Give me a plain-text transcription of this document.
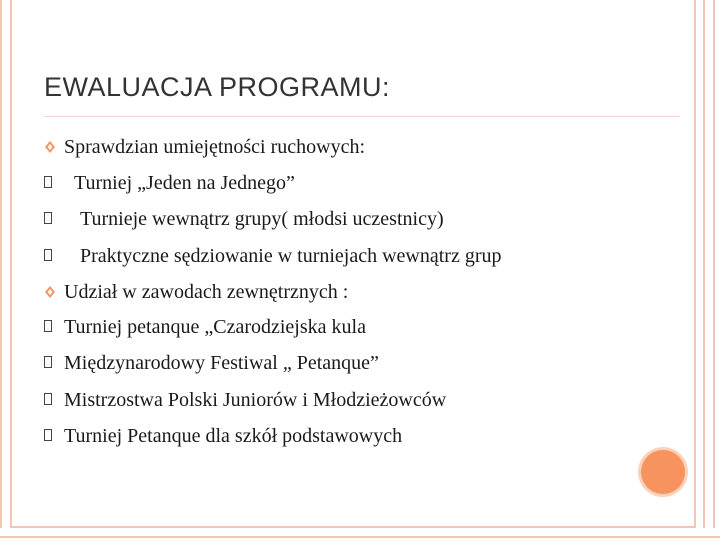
EWALUACJA PROGRAMU:
Sprawdzian umiejętności ruchowych:
Turniej „Jeden na Jednego”
Turnieje wewnątrz grupy( młodsi uczestnicy)
Praktyczne sędziowanie w turniejach wewnątrz grup
Udział w zawodach zewnętrznych :
Turniej petanque „Czarodziejska kula
Międzynarodowy Festiwal „ Petanque”
Mistrzostwa Polski Juniorów i Młodzieżowców
Turniej Petanque dla szkół podstawowych
